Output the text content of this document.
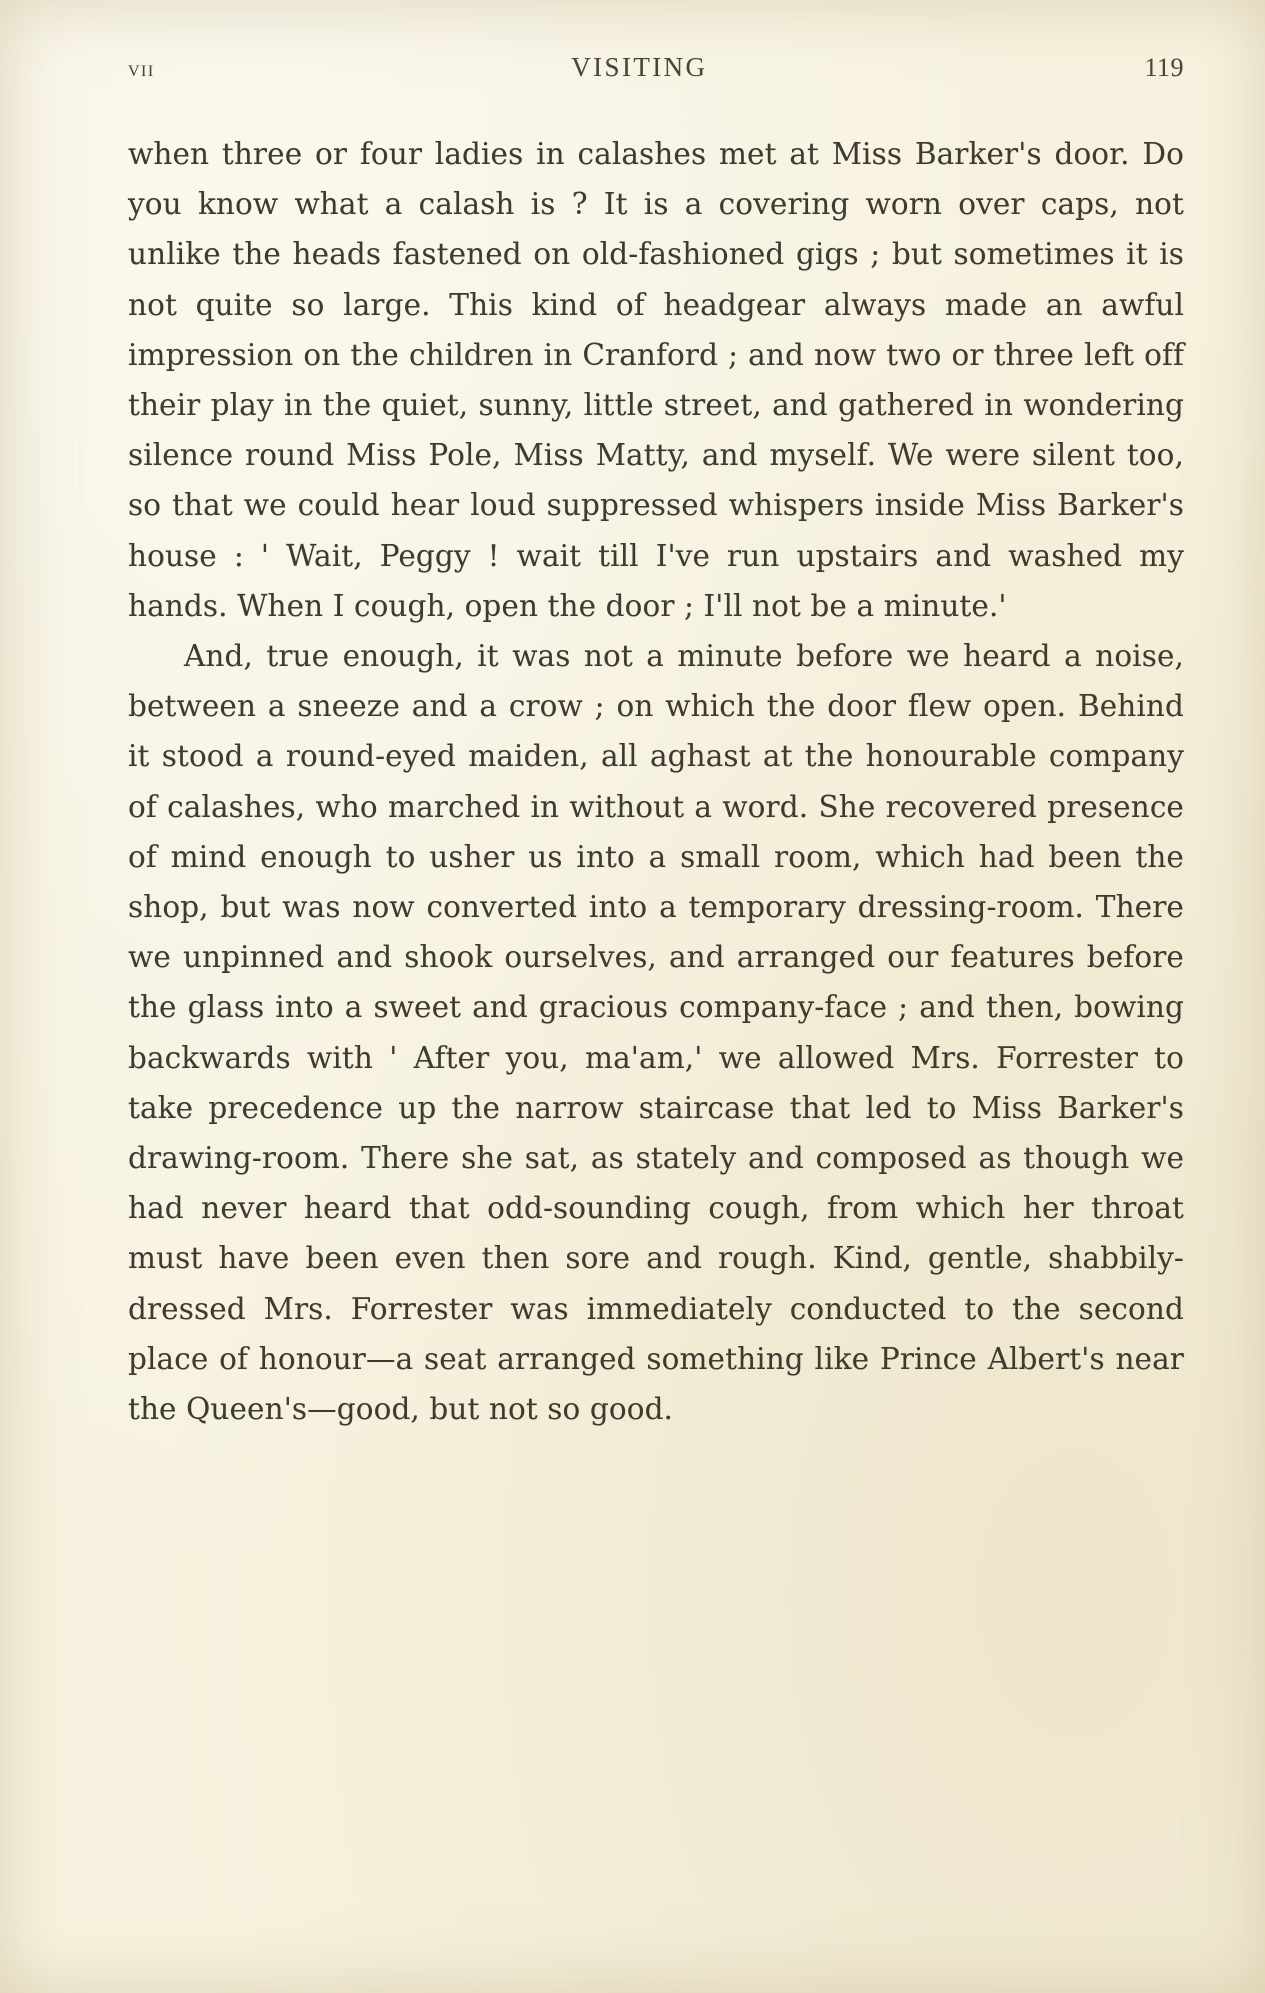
vii	VISITING	119

when three or four ladies in calashes met at Miss Barker's door. Do you know what a calash is ? It is a covering worn over caps, not unlike the heads fastened on old-fashioned gigs ; but sometimes it is not quite so large. This kind of headgear always made an awful impression on the children in Cranford ; and now two or three left off their play in the quiet, sunny, little street, and gathered in wondering silence round Miss Pole, Miss Matty, and myself. We were silent too, so that we could hear loud suppressed whispers inside Miss Barker's house : ' Wait, Peggy ! wait till I've run upstairs and washed my hands. When I cough, open the door ; I'll not be a minute.'

And, true enough, it was not a minute before we heard a noise, between a sneeze and a crow ; on which the door flew open. Behind it stood a round-eyed maiden, all aghast at the honourable company of calashes, who marched in without a word. She recovered presence of mind enough to usher us into a small room, which had been the shop, but was now converted into a temporary dressing-room. There we unpinned and shook ourselves, and arranged our features before the glass into a sweet and gracious company-face ; and then, bowing backwards with ' After you, ma'am,' we allowed Mrs. Forrester to take precedence up the narrow staircase that led to Miss Barker's drawing-room. There she sat, as stately and composed as though we had never heard that odd-sounding cough, from which her throat must have been even then sore and rough. Kind, gentle, shabbily-dressed Mrs. Forrester was immediately conducted to the second place of honour—a seat arranged something like Prince Albert's near the Queen's—good, but not so good.
